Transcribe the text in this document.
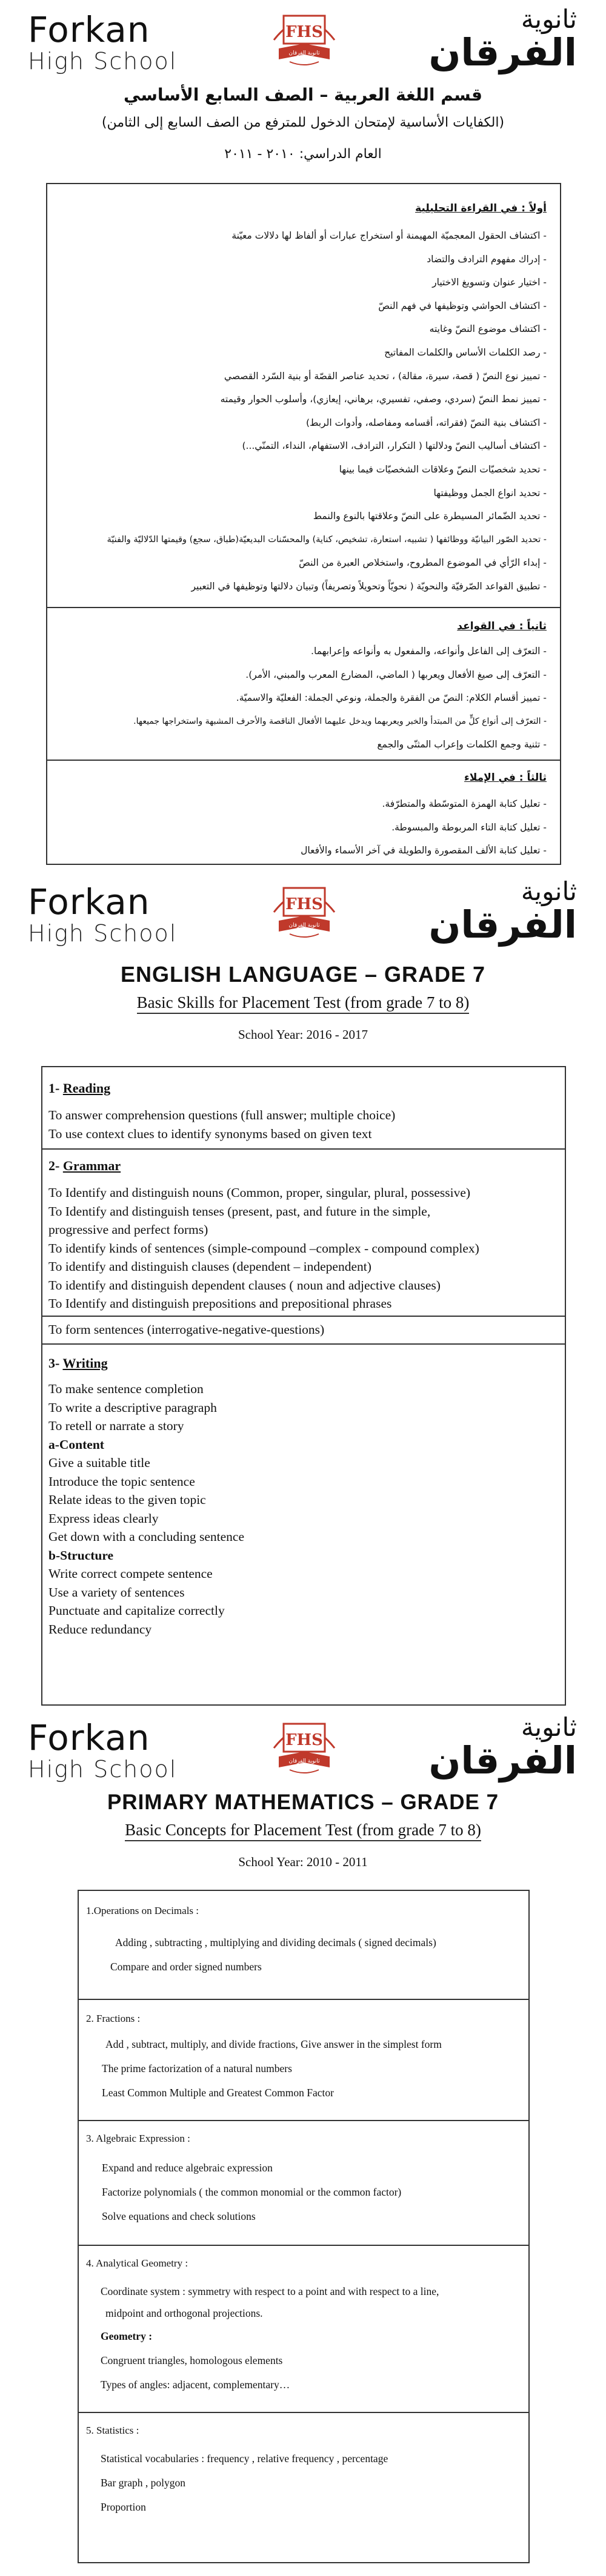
Forkan
High School
FHS
ثانوية الفرقان
ثانوية
الفرقان
قسم اللغة العربية – الصف السابع الأساسي
(الكفايات الأساسية لإمتحان الدخول للمترفع من الصف السابع إلى الثامن)
العام الدراسي: ٢٠١٠ - ٢٠١١
أولاً : في القراءة التحليلية
- اكتشاف الحقول المعجميّة المهيمنة أو استخراج عبارات أو ألفاظ لها دلالات معيّنة
- إدراك مفهوم الترادف والتضاد
- اختيار عنوان وتسويغ الاختيار
- اكتشاف الحواشي وتوظيفها في فهم النصّ
- اكتشاف موضوع النصّ وغايته
- رصد الكلمات الأساس والكلمات المفاتيح
- تمييز نوع النصّ ( قصة، سيرة، مقالة) ، تحديد عناصر القصّة أو بنية السّرد القصصي
- تمييز نمط النصّ (سردي، وصفي، تفسيري، برهاني، إيعازي)، وأسلوب الحوار وقيمته
- اكتشاف بنية النصّ (فقراته، أقسامه ومفاصله، وأدوات الربط)
- اكتشاف أساليب النصّ ودلالتها ( التكرار، الترادف، الاستفهام، النداء، التمنّي...)
- تحديد شخصيّات النصّ وعلاقات الشخصيّات فيما بينها
- تحديد انواع الجمل ووظيفتها
- تحديد الضّمائر المسيطرة على النصّ وعلاقتها بالنوع والنمط
- تحديد الصّور البيانيّة ووظائفها ( تشبيه، استعارة، تشخيص، كناية) والمحسّنات البديعيّة(طباق، سجع) وقيمتها الدّلاليّة والفنيّة
- إبداء الرّأي في الموضوع المطروح، واستخلاص العبرة من النصّ
- تطبيق القواعد الصّرفيّة والنحويّة ( نحويّاً وتحويلاً وتصريفاً) وتبيان دلالتها وتوظيفها في التعبير
ثانياً : في القواعد
- التعرّف إلى الفاعل وأنواعه، والمفعول به وأنواعه وإعرابهما.
- التعرّف إلى صيغ الأفعال ويعربها ( الماضي، المضارع المعرب والمبني، الأمر).
- تمييز أقسام الكلام: النصّ من الفقرة والجملة، ونوعي الجملة: الفعليّة والاسميّة.
- التعرّف إلى أنواع كلٍّ من المبتدأ والخبر ويعربهما ويدخل عليهما الأفعال الناقصة والأحرف المشبهة واستخراجها جميعها.
- تثنية وجمع الكلمات وإعراب المثنّى والجمع
ثالثاً : في الإملاء
- تعليل كتابة الهمزة المتوسّطة والمتطرّفة.
- تعليل كتابة التاء المربوطة والمبسوطة.
- تعليل كتابة الألف المقصورة والطويلة في آخر الأسماء والأفعال
Forkan
High School
FHS
ثانوية الفرقان
ثانوية
الفرقان
ENGLISH LANGUAGE – GRADE 7
Basic Skills for Placement Test (from grade 7 to 8)
School Year: 2016 - 2017
1- Reading
To answer comprehension questions (full answer; multiple choice)
To use context clues to identify synonyms based on given text
2- Grammar
To Identify and distinguish nouns (Common, proper, singular, plural, possessive)
To Identify and distinguish tenses (present, past, and future in the simple,
progressive and perfect forms)
To identify kinds of sentences (simple-compound –complex - compound complex)
To identify and distinguish clauses (dependent – independent)
To identify and distinguish dependent clauses ( noun and adjective clauses)
To Identify and distinguish prepositions and prepositional phrases
To form sentences (interrogative-negative-questions)
3- Writing
To make sentence completion
To write a descriptive paragraph
To retell or narrate a story
a-Content
Give a suitable title
Introduce the topic sentence
Relate ideas to the given topic
Express ideas clearly
Get down with a concluding sentence
b-Structure
Write correct compete sentence
Use a variety of sentences
Punctuate and capitalize correctly
Reduce redundancy
Forkan
High School
FHS
ثانوية الفرقان
ثانوية
الفرقان
PRIMARY MATHEMATICS – GRADE 7
Basic Concepts for Placement Test (from grade 7 to 8)
School Year: 2010 - 2011
1.Operations on Decimals :
Adding , subtracting , multiplying and dividing decimals ( signed decimals)
Compare and order signed numbers
2. Fractions :
Add , subtract, multiply, and divide fractions, Give answer in the simplest form
The prime factorization of a natural numbers
Least Common Multiple and Greatest Common Factor
3. Algebraic Expression :
Expand and reduce algebraic expression
Factorize polynomials ( the common monomial or the common factor)
Solve equations and check solutions
4. Analytical Geometry :
Coordinate system : symmetry with respect to a point and with respect to a line,
midpoint and orthogonal projections.
Geometry :
Congruent triangles, homologous elements
Types of angles: adjacent, complementary…
5. Statistics :
Statistical vocabularies : frequency , relative frequency , percentage
Bar graph , polygon
Proportion
